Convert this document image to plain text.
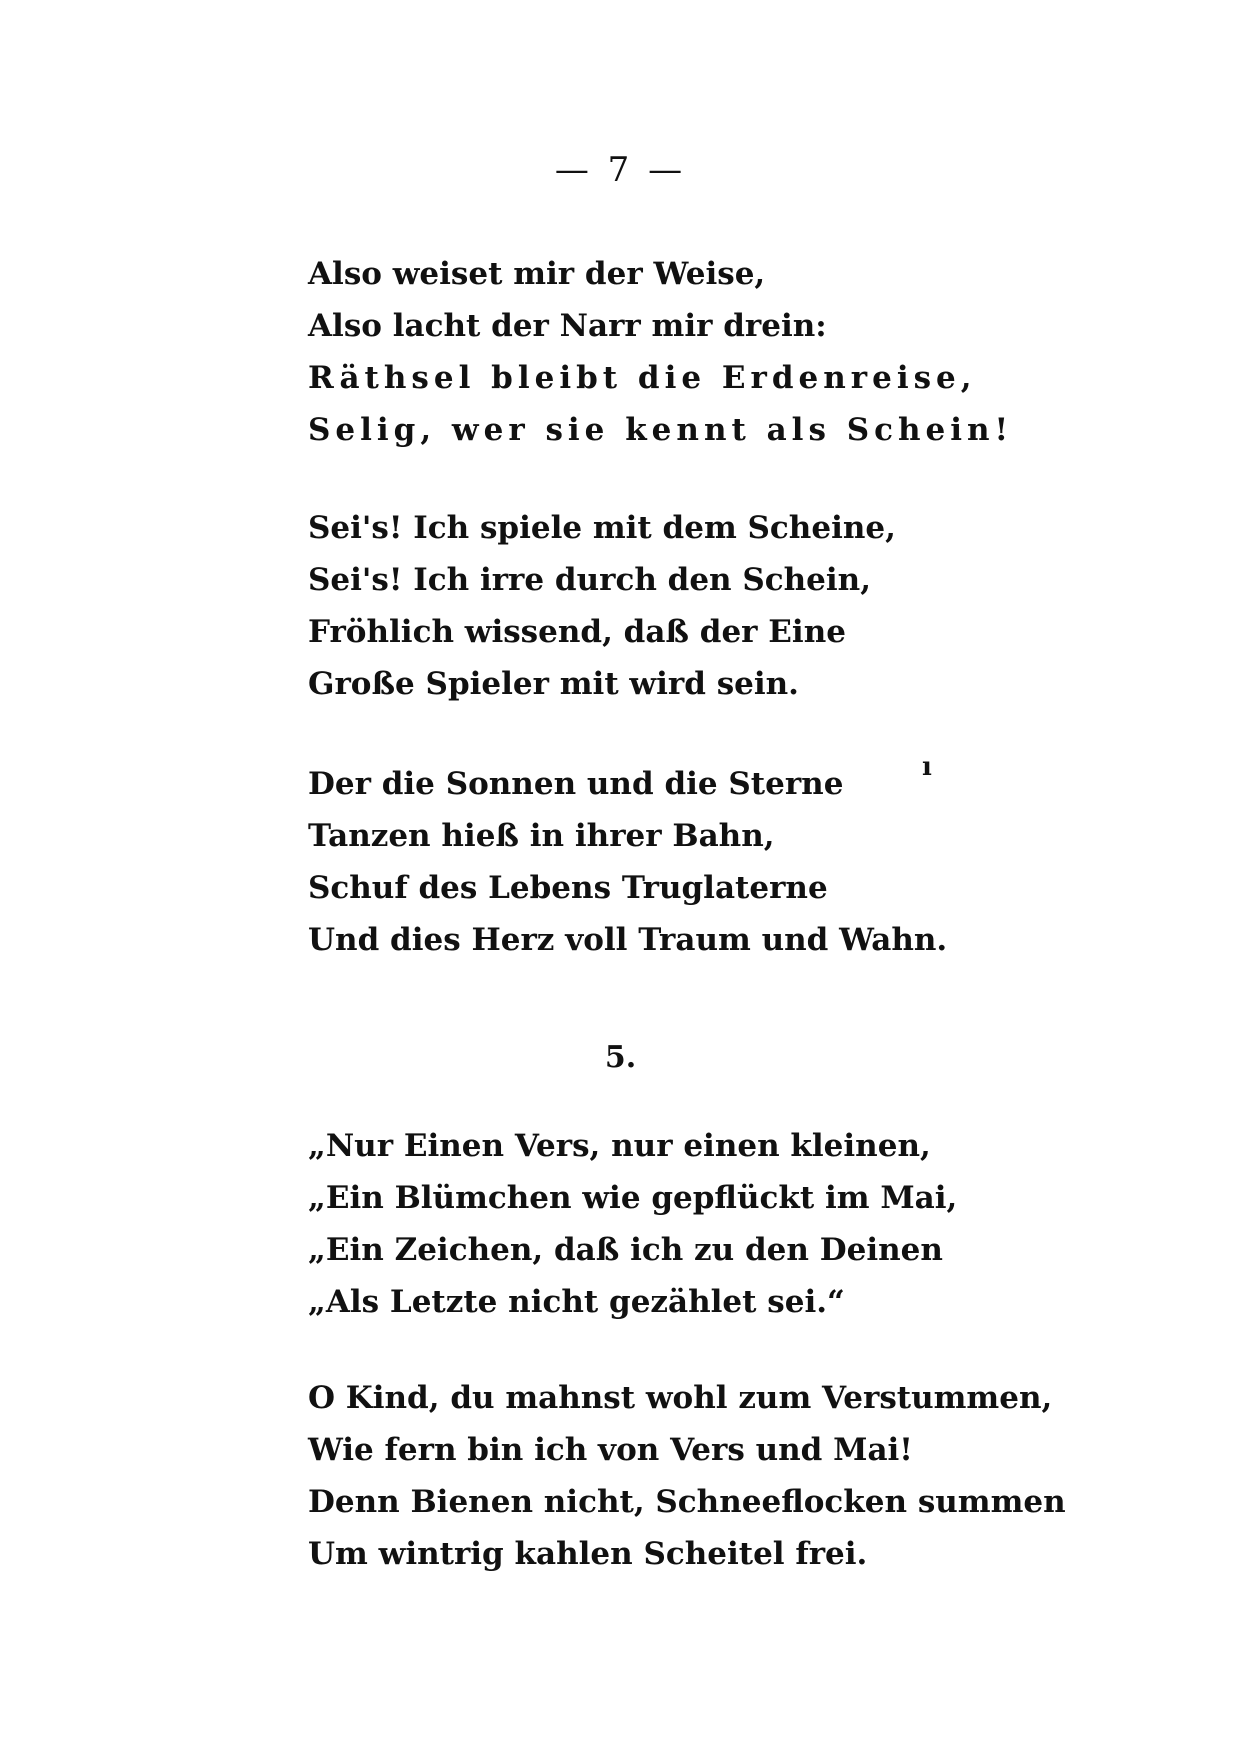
— 7 —
Also weiset mir der Weise,
Also lacht der Narr mir drein:
Räthsel bleibt die Erdenreise,
Selig, wer sie kennt als Schein!
Sei's! Ich spiele mit dem Scheine,
Sei's! Ich irre durch den Schein,
Fröhlich wissend, daß der Eine
Große Spieler mit wird sein.
ı
Der die Sonnen und die Sterne
Tanzen hieß in ihrer Bahn,
Schuf des Lebens Truglaterne
Und dies Herz voll Traum und Wahn.
5.
„Nur Einen Vers, nur einen kleinen,
„Ein Blümchen wie gepflückt im Mai,
„Ein Zeichen, daß ich zu den Deinen
„Als Letzte nicht gezählet sei.“
O Kind, du mahnst wohl zum Verstummen,
Wie fern bin ich von Vers und Mai!
Denn Bienen nicht, Schneeflocken summen
Um wintrig kahlen Scheitel frei.
